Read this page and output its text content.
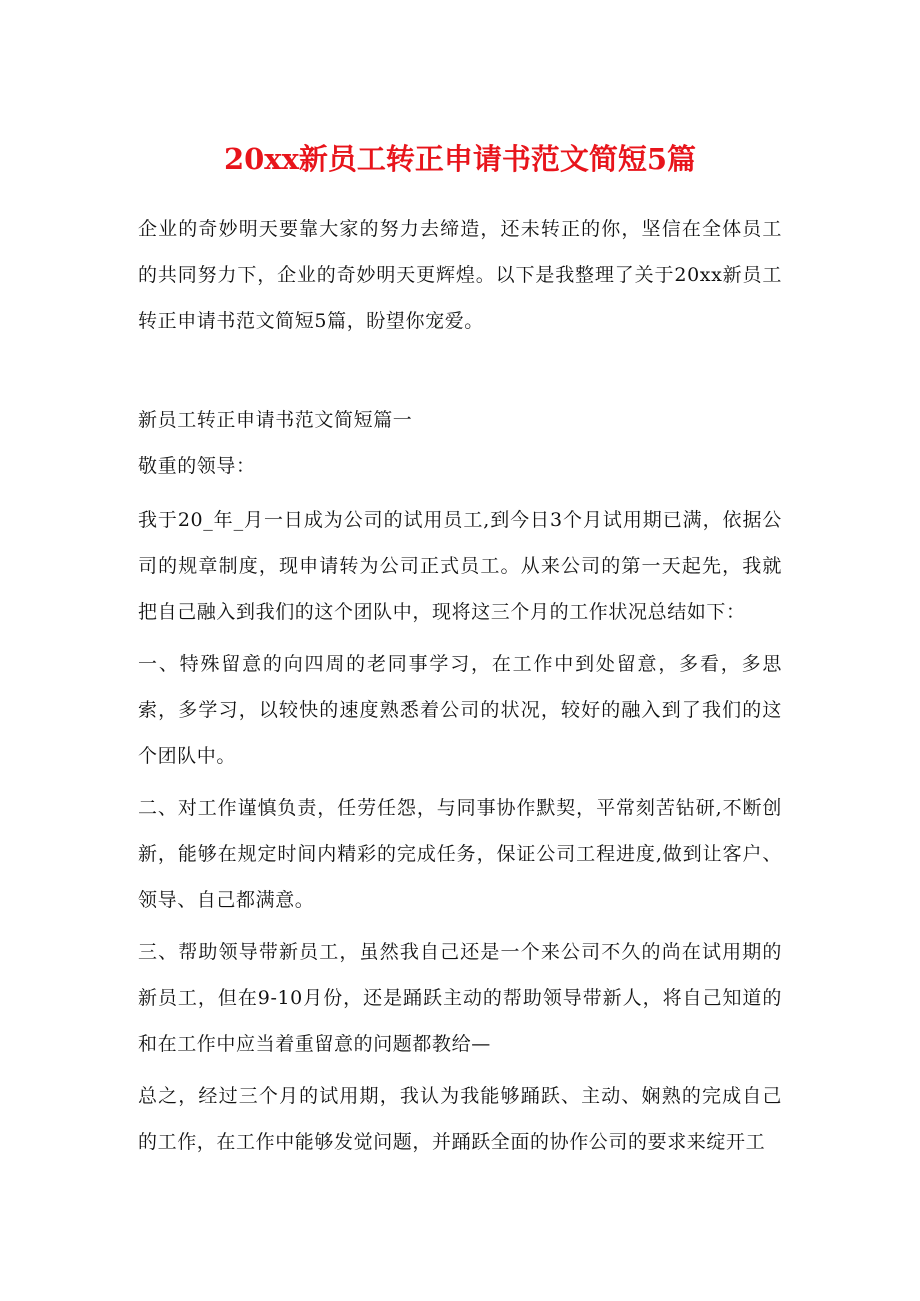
20xx新员工转正申请书范文简短5篇

企业的奇妙明天要靠大家的努力去缔造，还未转正的你，坚信在全体员工的共同努力下，企业的奇妙明天更辉煌。以下是我整理了关于20xx新员工转正申请书范文简短5篇，盼望你宠爱。

新员工转正申请书范文简短篇一

敬重的领导：

我于20_年_月一日成为公司的试用员工,到今日3个月试用期已满，依据公司的规章制度，现申请转为公司正式员工。从来公司的第一天起先，我就把自己融入到我们的这个团队中，现将这三个月的工作状况总结如下：

一、特殊留意的向四周的老同事学习，在工作中到处留意，多看，多思索，多学习，以较快的速度熟悉着公司的状况，较好的融入到了我们的这个团队中。

二、对工作谨慎负责，任劳任怨，与同事协作默契，平常刻苦钻研,不断创新，能够在规定时间内精彩的完成任务，保证公司工程进度,做到让客户、领导、自己都满意。

三、帮助领导带新员工，虽然我自己还是一个来公司不久的尚在试用期的新员工，但在9-10月份，还是踊跃主动的帮助领导带新人，将自己知道的和在工作中应当着重留意的问题都教给—

总之，经过三个月的试用期，我认为我能够踊跃、主动、娴熟的完成自己的工作，在工作中能够发觉问题，并踊跃全面的协作公司的要求来绽开工
